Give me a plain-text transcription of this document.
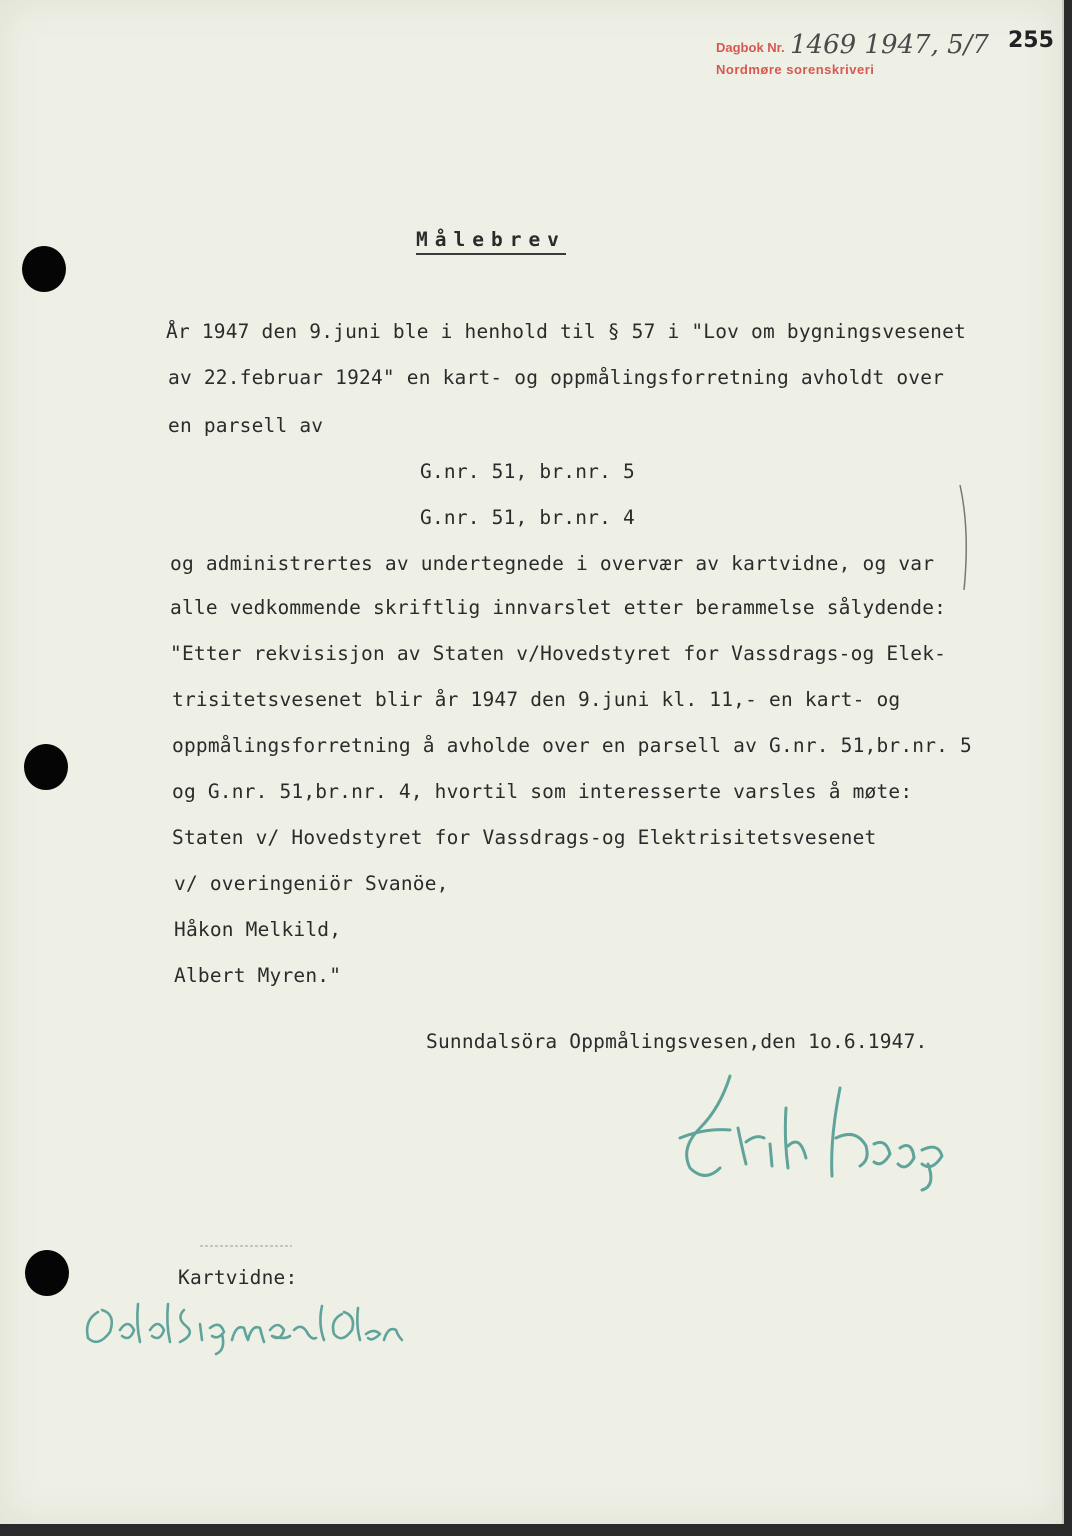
Dagbok Nr.
Nordmøre sorenskriveri
1469 1947, 5/7 255
Målebrev
År 1947 den 9.juni ble i henhold til § 57 i "Lov om bygningsvesenet
av 22.februar 1924" en kart- og oppmålingsforretning avholdt over
en parsell av
G.nr. 51, br.nr. 5
G.nr. 51, br.nr. 4
og administrertes av undertegnede i overvær av kartvidne, og var
alle vedkommende skriftlig innvarslet etter berammelse sålydende:
"Etter rekvisisjon av Staten v/Hovedstyret for Vassdrags-og Elek-
trisitetsvesenet blir år 1947 den 9.juni kl. 11,- en kart- og
oppmålingsforretning å avholde over en parsell av G.nr. 51,br.nr. 5
og G.nr. 51,br.nr. 4, hvortil som interesserte varsles å møte:
Staten v/ Hovedstyret for Vassdrags-og Elektrisitetsvesenet
v/ overingeniör Svanöe,
Håkon Melkild,
Albert Myren."
Sunndalsöra Oppmålingsvesen,den 1o.6.1947.
Kartvidne:
